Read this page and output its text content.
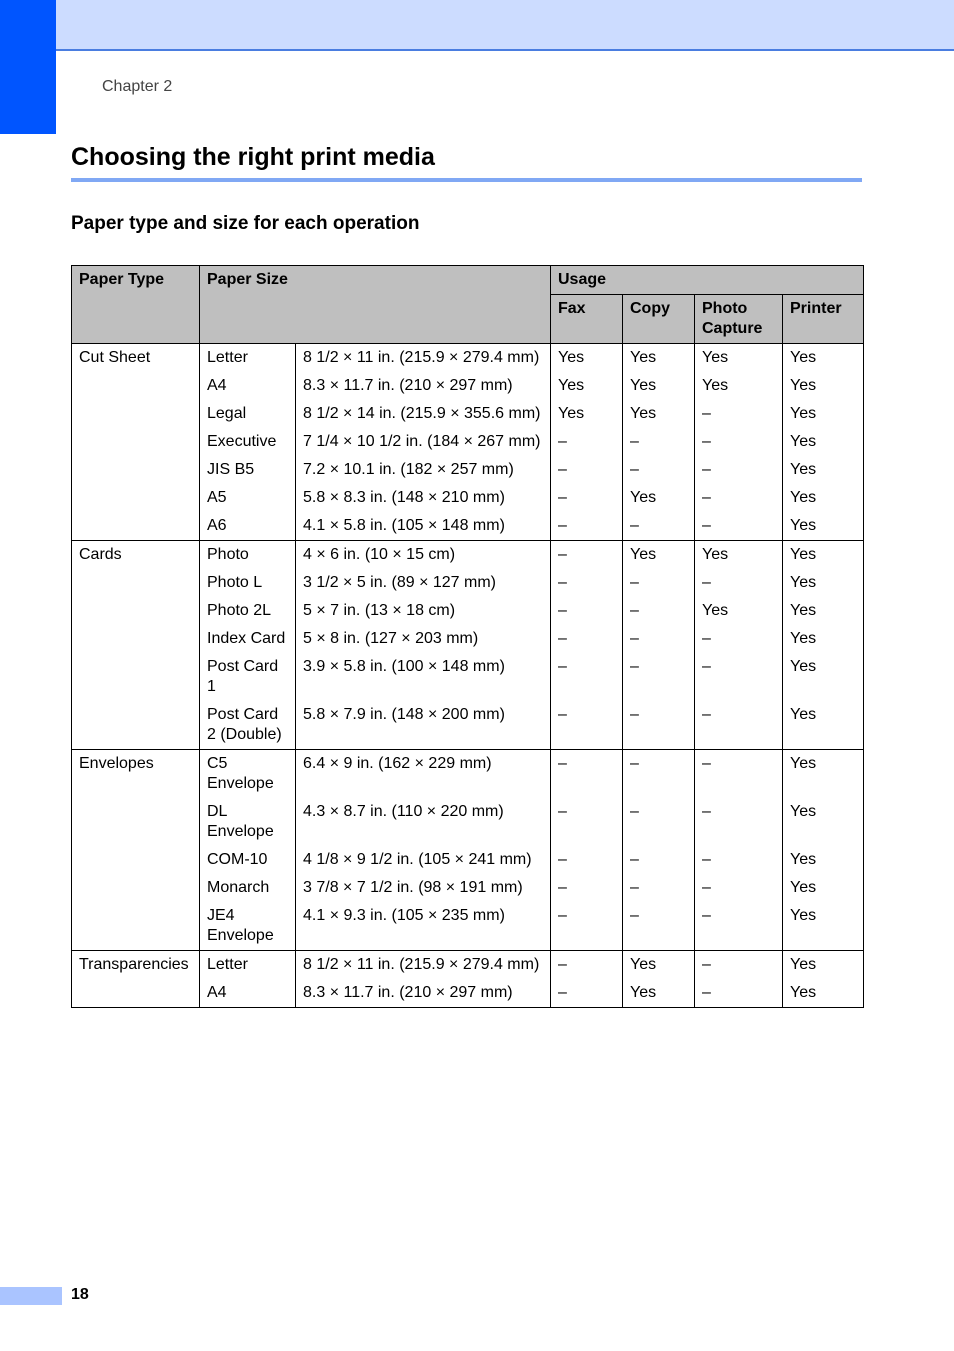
Chapter 2
Choosing the right print media
Paper type and size for each operation
Paper Type	Paper Size		Usage			
			Fax	Copy	Photo Capture	Printer
Cut Sheet	Letter	8 1/2 × 11 in. (215.9 × 279.4 mm)	Yes	Yes	Yes	Yes
	A4	8.3 × 11.7 in. (210 × 297 mm)	Yes	Yes	Yes	Yes
	Legal	8 1/2 × 14 in. (215.9 × 355.6 mm)	Yes	Yes	–	Yes
	Executive	7 1/4 × 10 1/2 in. (184 × 267 mm)	–	–	–	Yes
	JIS B5	7.2 × 10.1 in. (182 × 257 mm)	–	–	–	Yes
	A5	5.8 × 8.3 in. (148 × 210 mm)	–	Yes	–	Yes
	A6	4.1 × 5.8 in. (105 × 148 mm)	–	–	–	Yes
Cards	Photo	4 × 6 in. (10 × 15 cm)	–	Yes	Yes	Yes
	Photo L	3 1/2 × 5 in. (89 × 127 mm)	–	–	–	Yes
	Photo 2L	5 × 7 in. (13 × 18 cm)	–	–	Yes	Yes
	Index Card	5 × 8 in. (127 × 203 mm)	–	–	–	Yes
	Post Card 1	3.9 × 5.8 in. (100 × 148 mm)	–	–	–	Yes
	Post Card 2 (Double)	5.8 × 7.9 in. (148 × 200 mm)	–	–	–	Yes
Envelopes	C5 Envelope	6.4 × 9 in. (162 × 229 mm)	–	–	–	Yes
	DL Envelope	4.3 × 8.7 in. (110 × 220 mm)	–	–	–	Yes
	COM-10	4 1/8 × 9 1/2 in. (105 × 241 mm)	–	–	–	Yes
	Monarch	3 7/8 × 7 1/2 in. (98 × 191 mm)	–	–	–	Yes
	JE4 Envelope	4.1 × 9.3 in. (105 × 235 mm)	–	–	–	Yes
Transparencies	Letter	8 1/2 × 11 in. (215.9 × 279.4 mm)	–	Yes	–	Yes
	A4	8.3 × 11.7 in. (210 × 297 mm)	–	Yes	–	Yes
18
